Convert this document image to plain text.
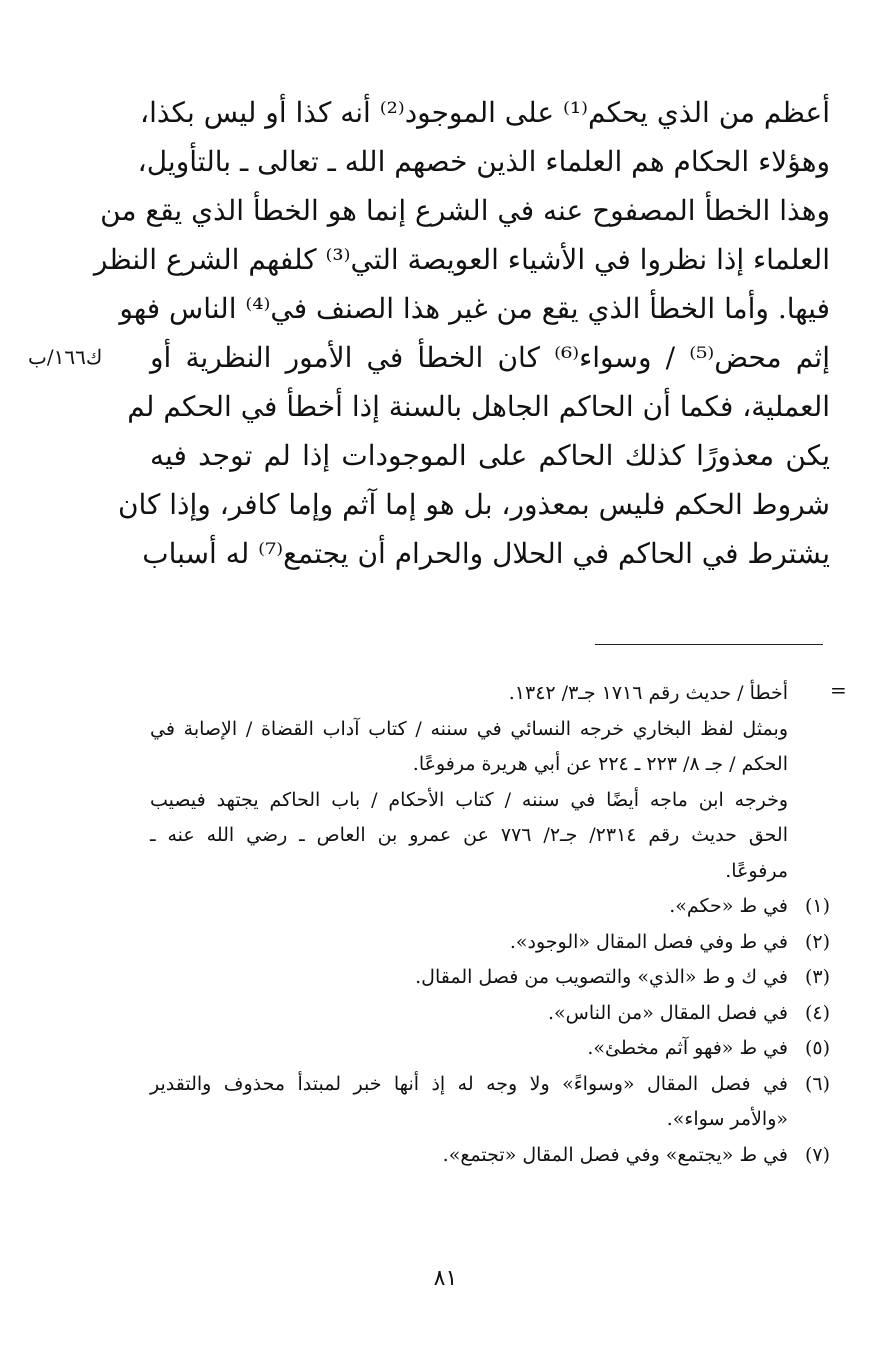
أعظم من الذي يحكم⁽¹⁾ على الموجود⁽²⁾ أنه كذا أو ليس بكذا،
وهؤلاء الحكام هم العلماء الذين خصهم الله ـ تعالى ـ بالتأويل،
وهذا الخطأ المصفوح عنه في الشرع إنما هو الخطأ الذي يقع من
العلماء إذا نظروا في الأشياء العويصة التي⁽³⁾ كلفهم الشرع النظر
فيها. وأما الخطأ الذي يقع من غير هذا الصنف في⁽⁴⁾ الناس فهو
إثم محض⁽⁵⁾ / وسواء⁽⁶⁾ كان الخطأ في الأمور النظرية أو
العملية، فكما أن الحاكم الجاهل بالسنة إذا أخطأ في الحكم لم
يكن معذورًا كذلك الحاكم على الموجودات إذا لم توجد فيه
شروط الحكم فليس بمعذور، بل هو إما آثم وإما كافر، وإذا كان
يشترط في الحاكم في الحلال والحرام أن يجتمع⁽⁷⁾ له أسباب
ك١٦٦/ب
=
أخطأ / حديث رقم ١٧١٦ جـ٣/ ١٣٤٢.
وبمثل لفظ البخاري خرجه النسائي في سننه / كتاب آداب القضاة / الإصابة في
الحكم / جـ ٨/ ٢٢٣ ـ ٢٢٤ عن أبي هريرة مرفوعًا.
وخرجه ابن ماجه أيضًا في سننه / كتاب الأحكام / باب الحاكم يجتهد فيصيب
الحق حديث رقم ٢٣١٤/ جـ٢/ ٧٧٦ عن عمرو بن العاص ـ رضي الله عنه ـ
مرفوعًا.
(١)
في ط «حكم».
(٢)
في ط وفي فصل المقال «الوجود».
(٣)
في ك و ط «الذي» والتصويب من فصل المقال.
(٤)
في فصل المقال «من الناس».
(٥)
في ط «فهو آثم مخطئ».
(٦)
في فصل المقال «وسواءً» ولا وجه له إذ أنها خبر لمبتدأ محذوف والتقدير
«والأمر سواء».
(٧)
في ط «يجتمع» وفي فصل المقال «تجتمع».
٨١
